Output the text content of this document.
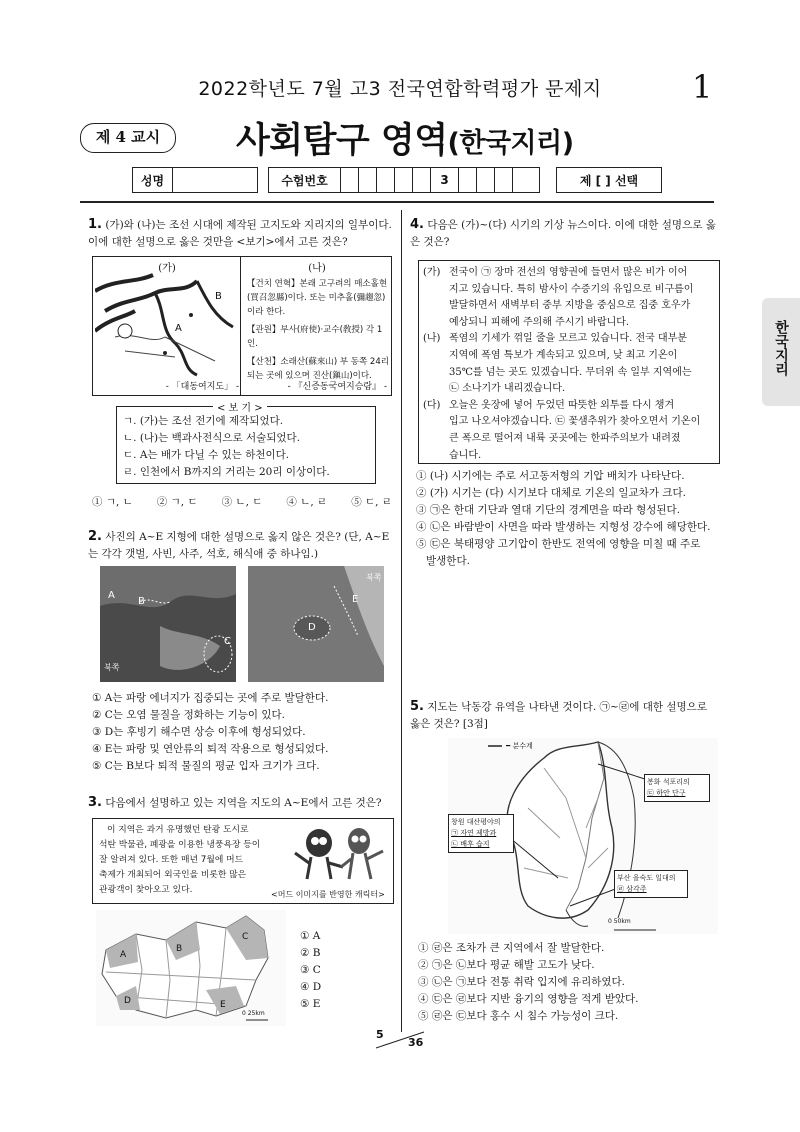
2022학년도 7월 고3 전국연합학력평가 문제지	1
제 4 교시	사회탐구 영역(한국지리)
성명	수험번호	3	제 [ ] 선택
한국지리
1. (가)와 (나)는 조선 시대에 제작된 고지도와 지리지의 일부이다. 이에 대한 설명으로 옳은 것만을 <보기>에서 고른 것은?
(가)
A
B
- 「대동여지도」 -
(나)
【건치 연혁】본래 고구려의 매소홀현
(買召忽縣)이다. 또는 미추홀(彌趨忽)
이라 한다.
【관원】부사(府使)·교수(敎授) 각 1인.
【산천】소래산(蘇來山) 부 동쪽 24리
되는 곳에 있으며 진산(鎭山)이다.
- 『신증동국여지승람』 -
< 보 기 >
ㄱ. (가)는 조선 전기에 제작되었다.
ㄴ. (나)는 백과사전식으로 서술되었다.
ㄷ. A는 배가 다닐 수 있는 하천이다.
ㄹ. 인천에서 B까지의 거리는 20리 이상이다.
① ㄱ, ㄴ ② ㄱ, ㄷ ③ ㄴ, ㄷ ④ ㄴ, ㄹ ⑤ ㄷ, ㄹ
2. 사진의 A~E 지형에 대한 설명으로 옳지 않은 것은? (단, A~E는 각각 갯벌, 사빈, 사주, 석호, 해식애 중 하나임.)
A
B
C
북쪽
D
E
북쪽
① A는 파랑 에너지가 집중되는 곳에 주로 발달한다.
② C는 오염 물질을 정화하는 기능이 있다.
③ D는 후빙기 해수면 상승 이후에 형성되었다.
④ E는 파랑 및 연안류의 퇴적 작용으로 형성되었다.
⑤ C는 B보다 퇴적 물질의 평균 입자 크기가 크다.
3. 다음에서 설명하고 있는 지역을 지도의 A~E에서 고른 것은?
이 지역은 과거 유명했던 탄광 도시로
석탄 박물관, 폐광을 이용한 냉풍욕장 등이
잘 알려져 있다. 또한 매년 7월에 머드
축제가 개최되어 외국인을 비롯한 많은
관광객이 찾아오고 있다.	<머드 이미지를 반영한 캐릭터>
A
B
C
D	E
0 25km
① A
② B
③ C
④ D
⑤ E
4. 다음은 (가)~(다) 시기의 기상 뉴스이다. 이에 대한 설명으로 옳은 것은?
(가) 전국이 ㉠ 장마 전선의 영향권에 들면서 많은 비가 이어
지고 있습니다. 특히 밤사이 수증기의 유입으로 비구름이
발달하면서 새벽부터 중부 지방을 중심으로 집중 호우가
예상되니 피해에 주의해 주시기 바랍니다.
(나) 폭염의 기세가 꺾일 줄을 모르고 있습니다. 전국 대부분
지역에 폭염 특보가 계속되고 있으며, 낮 최고 기온이
35℃를 넘는 곳도 있겠습니다. 무더위 속 일부 지역에는
㉡ 소나기가 내리겠습니다.
(다) 오늘은 옷장에 넣어 두었던 따뜻한 외투를 다시 챙겨
입고 나오셔야겠습니다. ㉢ 꽃샘추위가 찾아오면서 기온이
큰 폭으로 떨어져 내륙 곳곳에는 한파주의보가 내려졌
습니다.
① (나) 시기에는 주로 서고동저형의 기압 배치가 나타난다.
② (가) 시기는 (다) 시기보다 대체로 기온의 일교차가 크다.
③ ㉠은 한대 기단과 열대 기단의 경계면을 따라 형성된다.
④ ㉡은 바람받이 사면을 따라 발생하는 지형성 강수에 해당한다.
⑤ ㉢은 북태평양 고기압이 한반도 전역에 영향을 미칠 때 주로
발생한다.
5. 지도는 낙동강 유역을 나타낸 것이다. ㉠~㉣에 대한 설명으로 옳은 것은? [3점]
━ 분수계
봉화 석포리의
㉢ 하안 단구
창원 대산평야의
㉠ 자연 제방과
㉡ 배후 습지
부산 을숙도 일대의
㉣ 삼각주
0 50km
① ㉣은 조차가 큰 지역에서 잘 발달한다.
② ㉠은 ㉡보다 평균 해발 고도가 낮다.
③ ㉡은 ㉠보다 전통 취락 입지에 유리하였다.
④ ㉢은 ㉣보다 지반 융기의 영향을 적게 받았다.
⑤ ㉣은 ㉢보다 홍수 시 침수 가능성이 크다.
5
36
